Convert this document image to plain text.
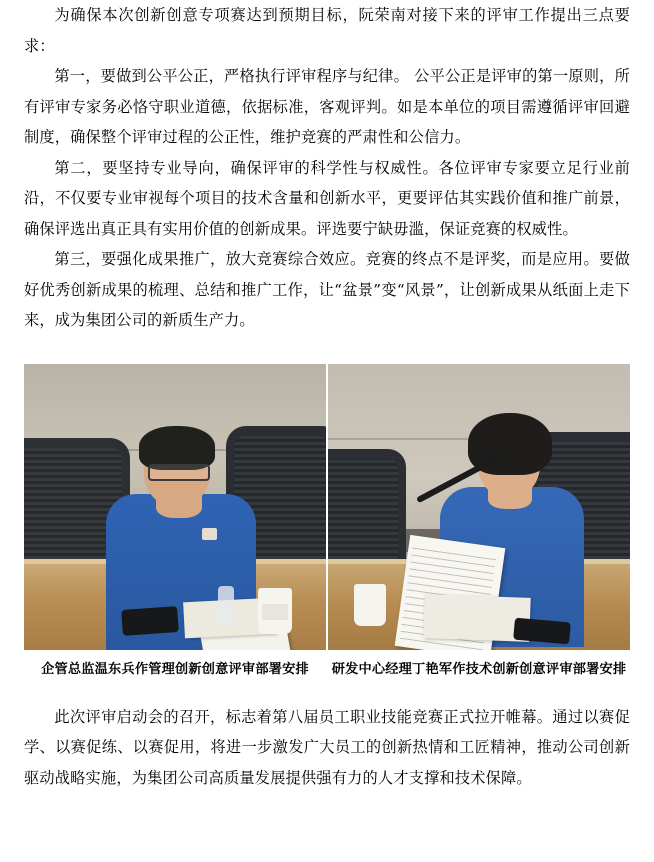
为确保本次创新创意专项赛达到预期目标，阮荣南对接下来的评审工作提出三点要求：

第一，要做到公平公正，严格执行评审程序与纪律。 公平公正是评审的第一原则，所有评审专家务必恪守职业道德，依据标准，客观评判。如是本单位的项目需遵循评审回避制度，确保整个评审过程的公正性，维护竞赛的严肃性和公信力。

第二，要坚持专业导向，确保评审的科学性与权威性。各位评审专家要立足行业前沿，不仅要专业审视每个项目的技术含量和创新水平，更要评估其实践价值和推广前景，确保评选出真正具有实用价值的创新成果。评选要宁缺毋滥，保证竞赛的权威性。

第三，要强化成果推广，放大竞赛综合效应。竞赛的终点不是评奖，而是应用。要做好优秀创新成果的梳理、总结和推广工作，让“盆景”变“风景”，让创新成果从纸面上走下来，成为集团公司的新质生产力。

企管总监温东兵作管理创新创意评审部署安排	研发中心经理丁艳军作技术创新创意评审部署安排

此次评审启动会的召开，标志着第八届员工职业技能竞赛正式拉开帷幕。通过以赛促学、以赛促练、以赛促用，将进一步激发广大员工的创新热情和工匠精神，推动公司创新驱动战略实施，为集团公司高质量发展提供强有力的人才支撑和技术保障。
